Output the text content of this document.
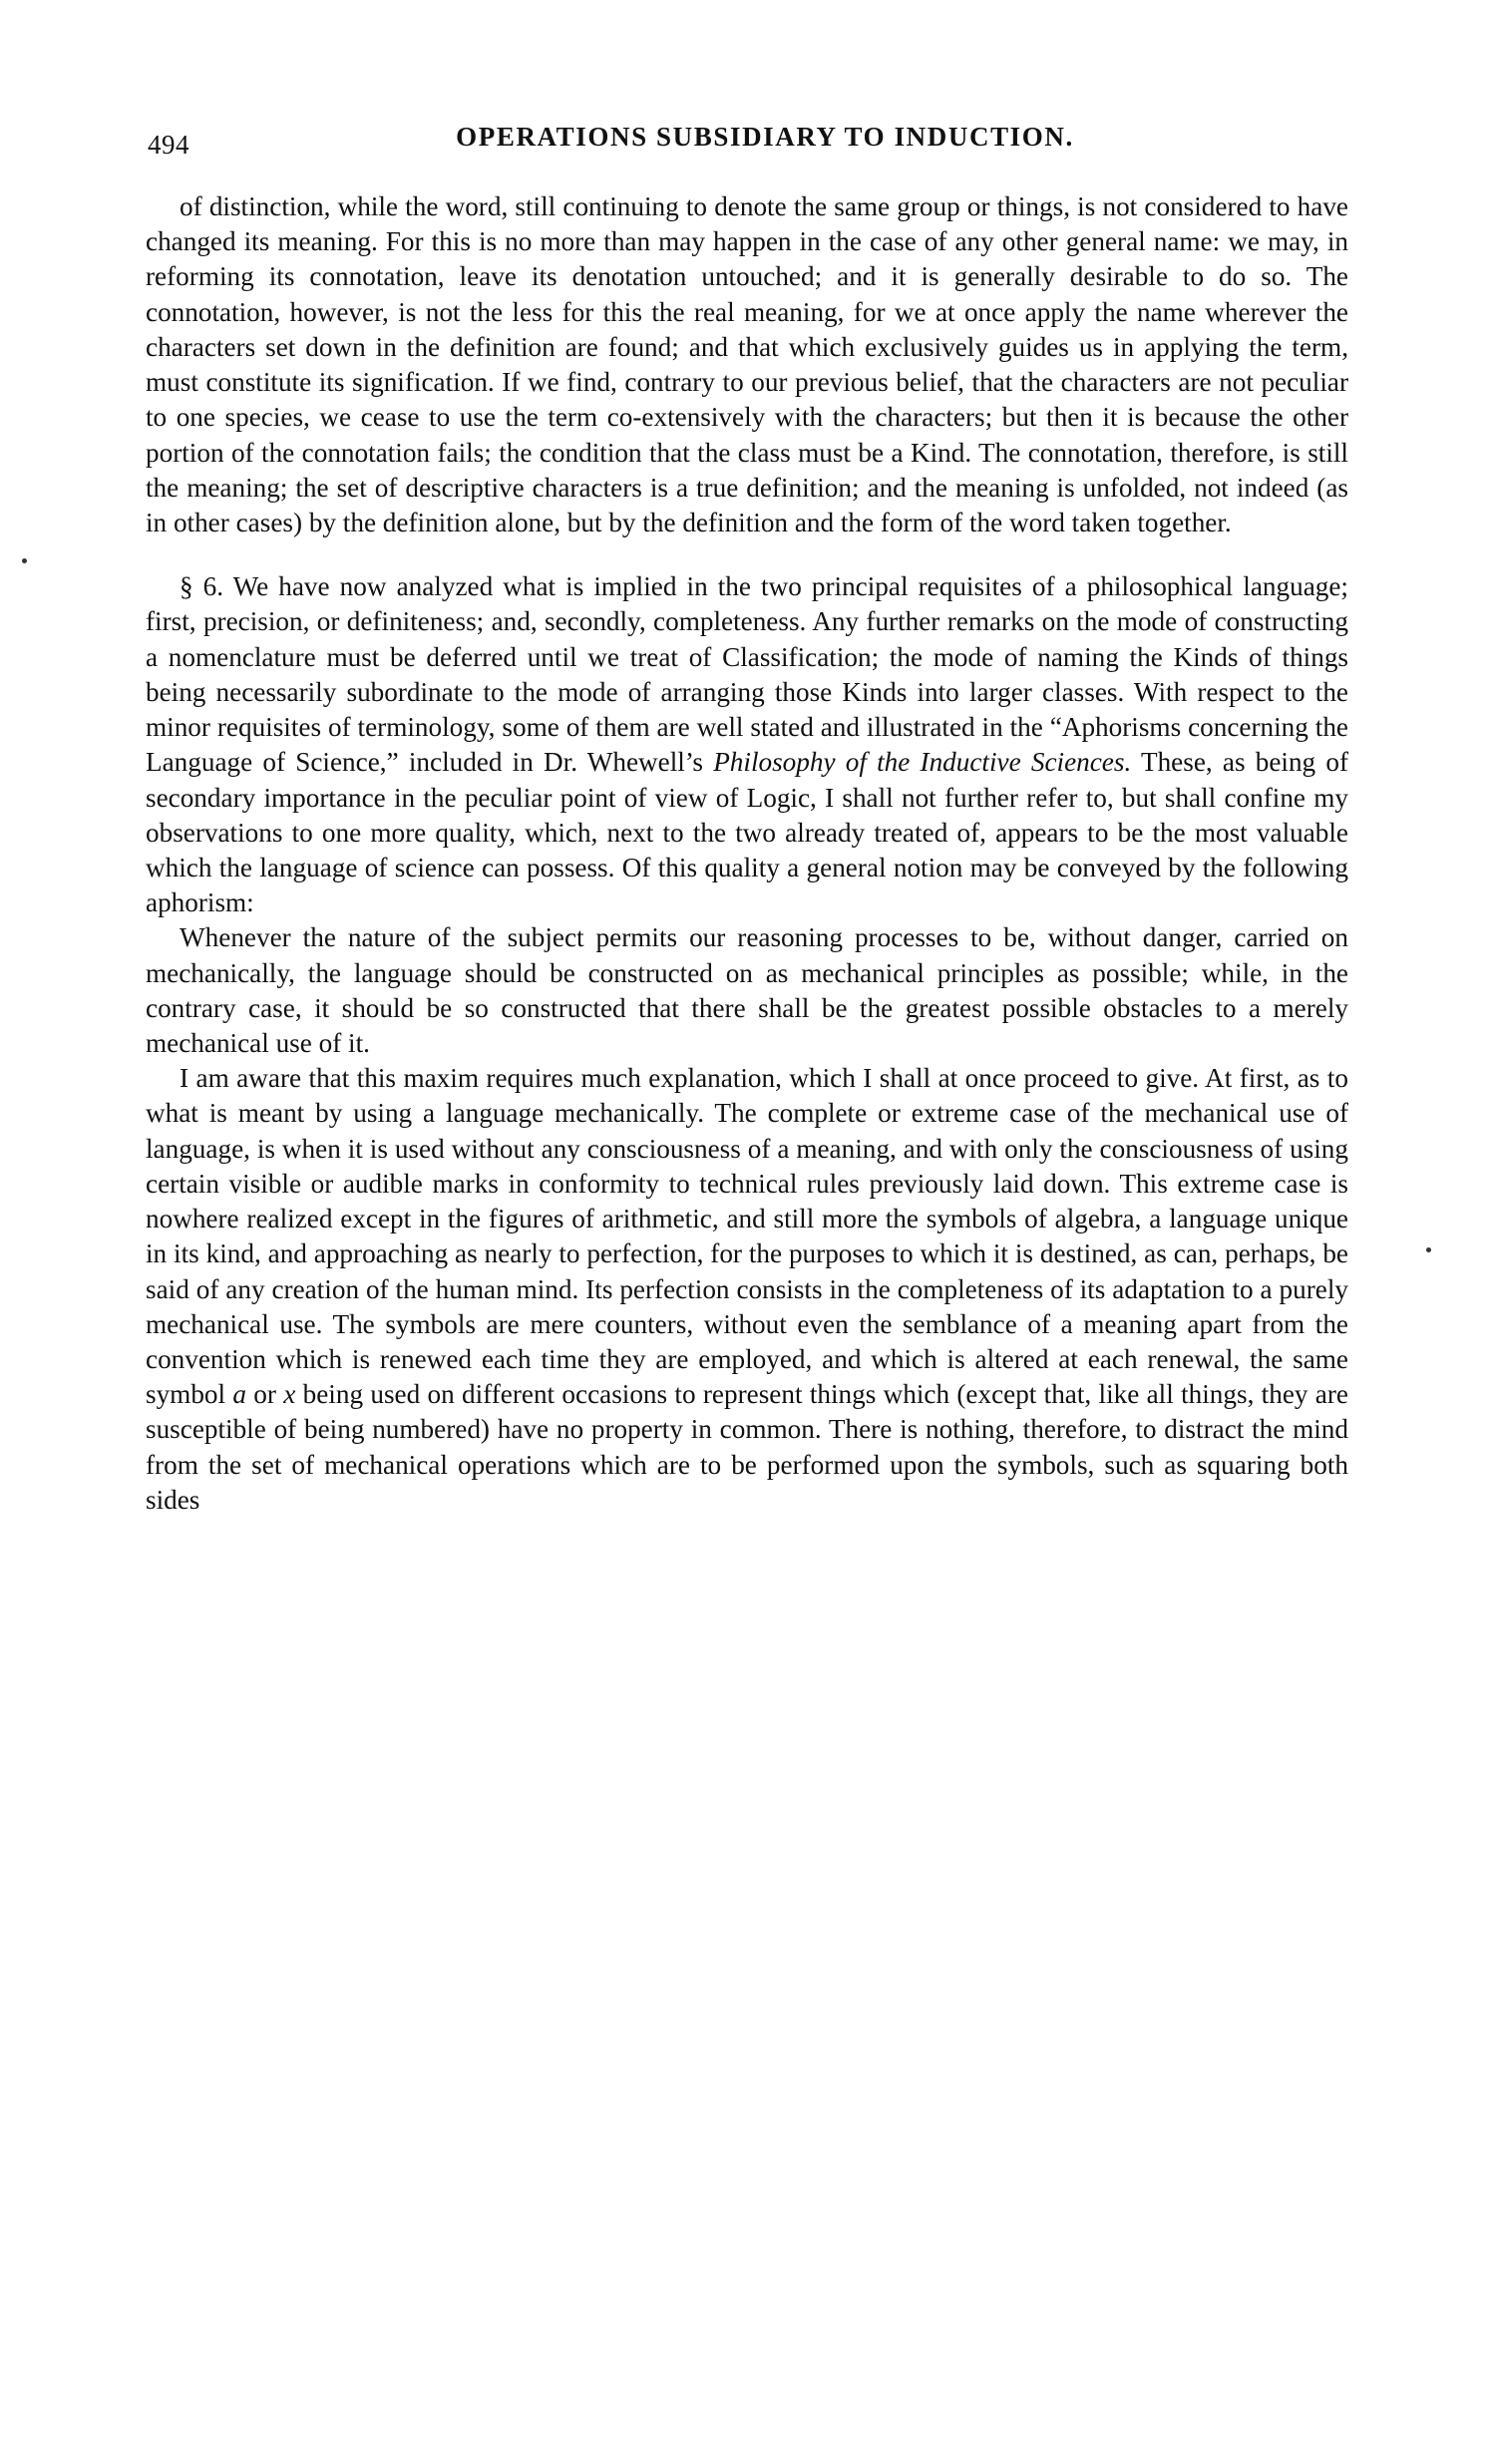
494	OPERATIONS SUBSIDIARY TO INDUCTION.

of distinction, while the word, still continuing to denote the same group or things, is not considered to have changed its meaning. For this is no more than may happen in the case of any other general name: we may, in reforming its connotation, leave its denotation untouched; and it is generally desirable to do so. The connotation, however, is not the less for this the real meaning, for we at once apply the name wherever the characters set down in the definition are found; and that which exclusively guides us in applying the term, must constitute its signification. If we find, contrary to our previous belief, that the characters are not peculiar to one species, we cease to use the term co-extensively with the characters; but then it is because the other portion of the connotation fails; the condition that the class must be a Kind. The connotation, therefore, is still the meaning; the set of descriptive characters is a true definition; and the meaning is unfolded, not indeed (as in other cases) by the definition alone, but by the definition and the form of the word taken together.

§ 6. We have now analyzed what is implied in the two principal requisites of a philosophical language; first, precision, or definiteness; and, secondly, completeness. Any further remarks on the mode of constructing a nomenclature must be deferred until we treat of Classification; the mode of naming the Kinds of things being necessarily subordinate to the mode of arranging those Kinds into larger classes. With respect to the minor requisites of terminology, some of them are well stated and illustrated in the “Aphorisms concerning the Language of Science,” included in Dr. Whewell’s Philosophy of the Inductive Sciences. These, as being of secondary importance in the peculiar point of view of Logic, I shall not further refer to, but shall confine my observations to one more quality, which, next to the two already treated of, appears to be the most valuable which the language of science can possess. Of this quality a general notion may be conveyed by the following aphorism:

Whenever the nature of the subject permits our reasoning processes to be, without danger, carried on mechanically, the language should be constructed on as mechanical principles as possible; while, in the contrary case, it should be so constructed that there shall be the greatest possible obstacles to a merely mechanical use of it.

I am aware that this maxim requires much explanation, which I shall at once proceed to give. At first, as to what is meant by using a language mechanically. The complete or extreme case of the mechanical use of language, is when it is used without any consciousness of a meaning, and with only the consciousness of using certain visible or audible marks in conformity to technical rules previously laid down. This extreme case is nowhere realized except in the figures of arithmetic, and still more the symbols of algebra, a language unique in its kind, and approaching as nearly to perfection, for the purposes to which it is destined, as can, perhaps, be said of any creation of the human mind. Its perfection consists in the completeness of its adaptation to a purely mechanical use. The symbols are mere counters, without even the semblance of a meaning apart from the convention which is renewed each time they are employed, and which is altered at each renewal, the same symbol a or x being used on different occasions to represent things which (except that, like all things, they are susceptible of being numbered) have no property in common. There is nothing, therefore, to distract the mind from the set of mechanical operations which are to be performed upon the symbols, such as squaring both sides
